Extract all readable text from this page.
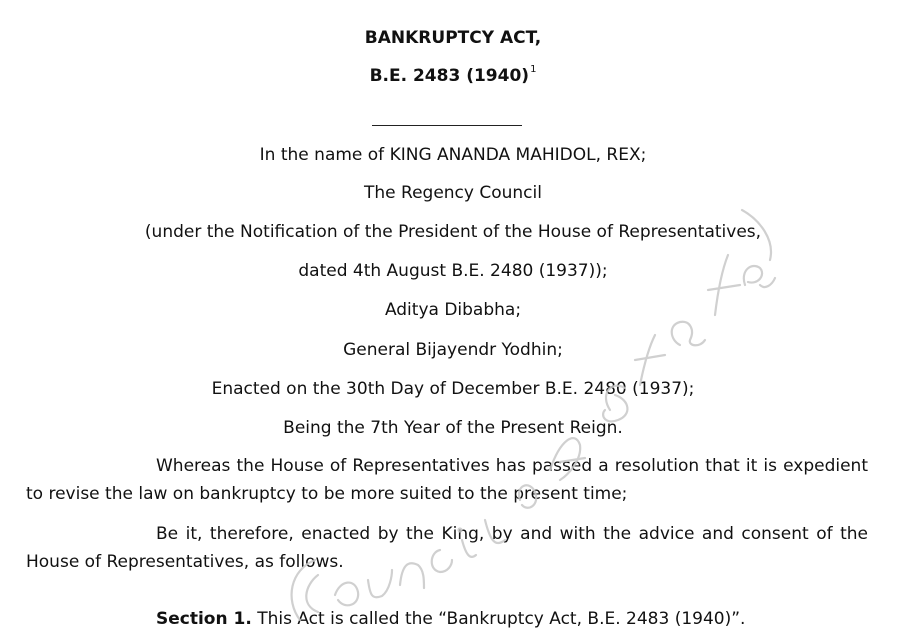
BANKRUPTCY ACT,
B.E. 2483 $(1940)^1$
In the name of KING ANANDA MAHIDOL, REX;
The Regency Council
(under the Notification of the President of the House of Representatives,
dated 4th August B.E. 2480 (1937));
Aditya Dibabha;
General Bijayendr Yodhin;
Enacted on the 30th Day of December B.E. 2480 (1937);
Being the 7th Year of the Present Reign.
Whereas the House of Representatives has passed a resolution that it is expedient
to revise the law on bankruptcy to be more suited to the present time;
Be it, therefore, enacted by the King, by and with the advice and consent of the
House of Representatives, as follows.
Section 1. This Act is called the “Bankruptcy Act, B.E. 2483 (1940)”.
